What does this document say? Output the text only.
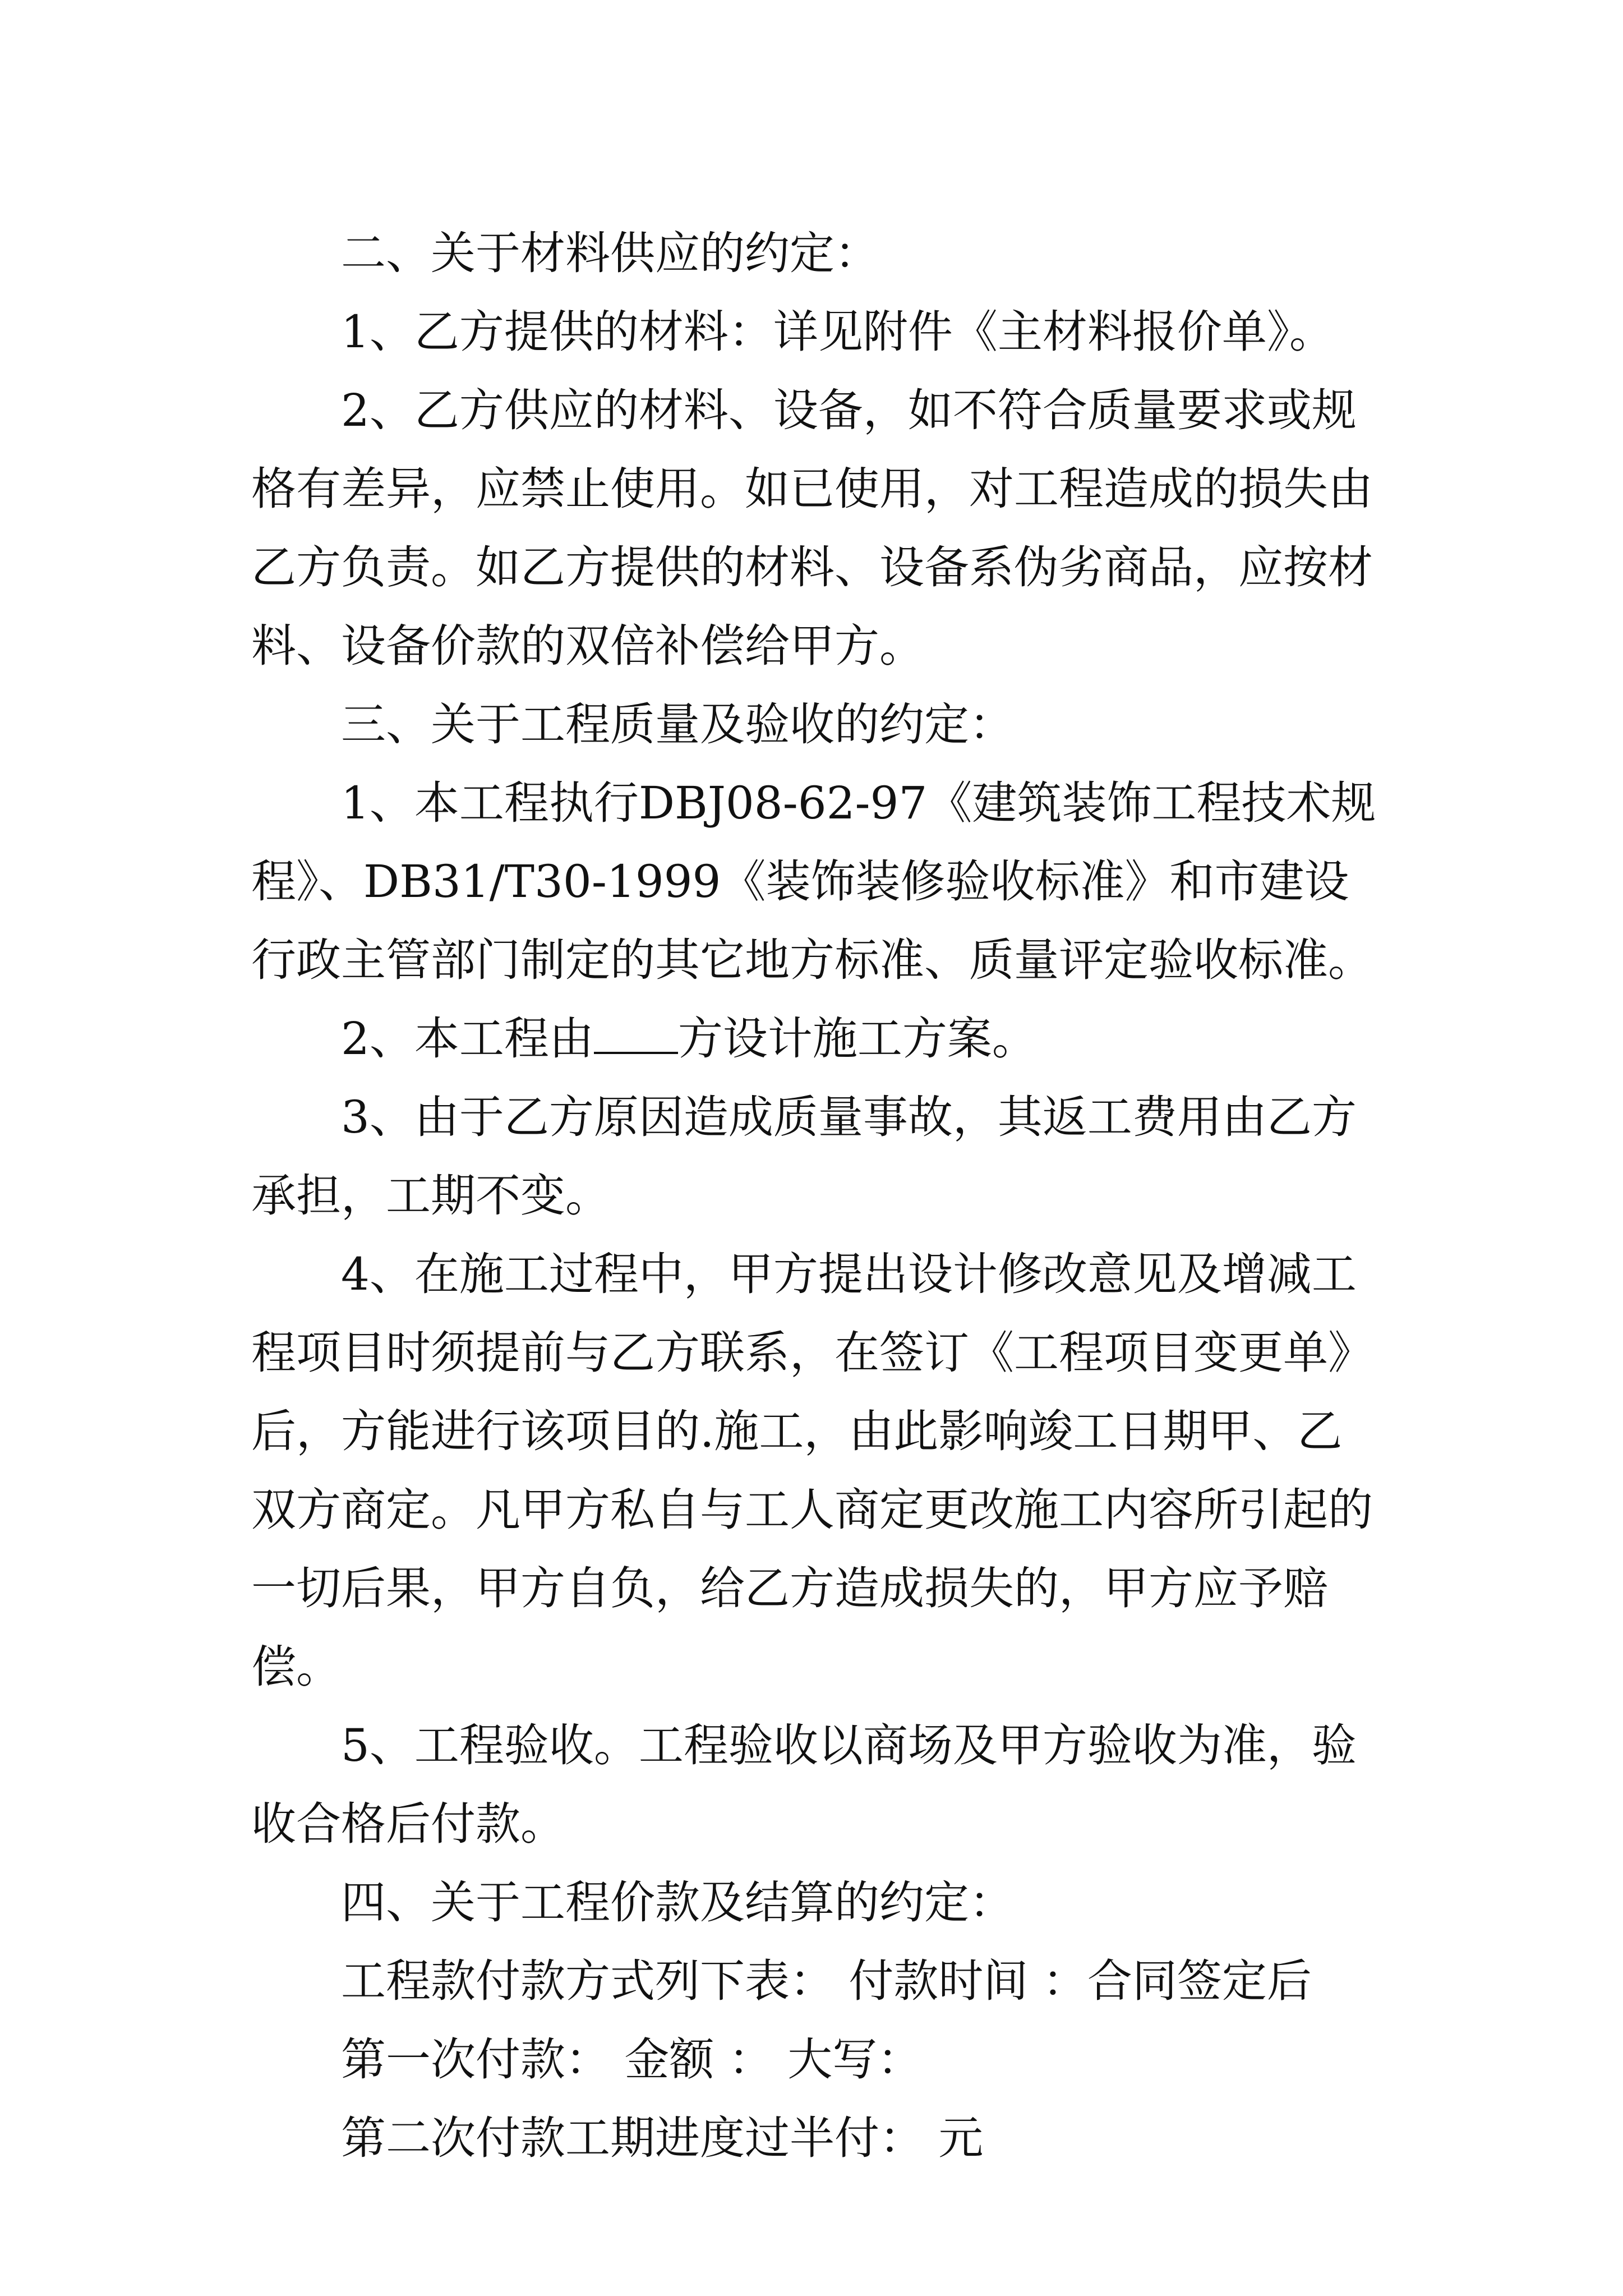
二、关于材料供应的约定：

1、乙方提供的材料：详见附件《主材料报价单》。

2、乙方供应的材料、设备，如不符合质量要求或规格有差异，应禁止使用。如已使用，对工程造成的损失由乙方负责。如乙方提供的材料、设备系伪劣商品，应按材料、设备价款的双倍补偿给甲方。

三、关于工程质量及验收的约定：

1、本工程执行DBJ08-62-97《建筑装饰工程技术规程》、DB31/T30-1999《装饰装修验收标准》和市建设行政主管部门制定的其它地方标准、质量评定验收标准。

2、本工程由 方设计施工方案。

3、由于乙方原因造成质量事故，其返工费用由乙方承担，工期不变。

4、在施工过程中，甲方提出设计修改意见及增减工程项目时须提前与乙方联系，在签订《工程项目变更单》后，方能进行该项目的.施工，由此影响竣工日期甲、乙双方商定。凡甲方私自与工人商定更改施工内容所引起的一切后果，甲方自负，给乙方造成损失的，甲方应予赔偿。

5、工程验收。工程验收以商场及甲方验收为准，验收合格后付款。

四、关于工程价款及结算的约定：

工程款付款方式列下表： 付款时间 ：合同签定后

第一次付款： 金额 ： 大写：

第二次付款工期进度过半付： 元
